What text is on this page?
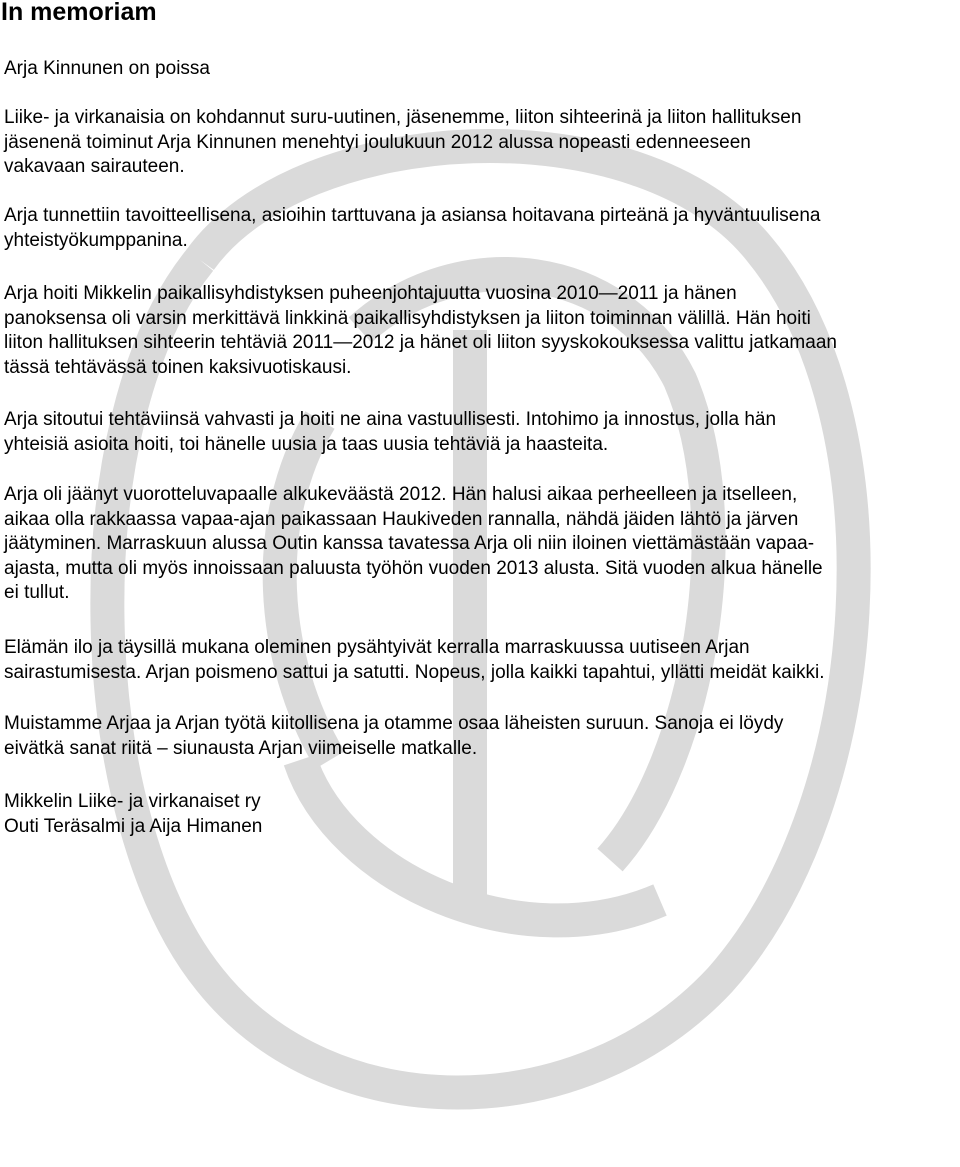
In memoriam

Arja Kinnunen on poissa

Liike- ja virkanaisia on kohdannut suru-uutinen, jäsenemme, liiton sihteerinä ja liiton hallituksen
jäsenenä toiminut Arja Kinnunen menehtyi joulukuun 2012 alussa nopeasti edenneeseen
vakavaan sairauteen.

Arja tunnettiin tavoitteellisena, asioihin tarttuvana ja asiansa hoitavana pirteänä ja hyväntuulisena
yhteistyökumppanina.

Arja hoiti Mikkelin paikallisyhdistyksen puheenjohtajuutta vuosina 2010—2011 ja hänen
panoksensa oli varsin merkittävä linkkinä paikallisyhdistyksen ja liiton toiminnan välillä. Hän hoiti
liiton hallituksen sihteerin tehtäviä 2011—2012 ja hänet oli liiton syyskokouksessa valittu jatkamaan
tässä tehtävässä toinen kaksivuotiskausi.

Arja sitoutui tehtäviinsä vahvasti ja hoiti ne aina vastuullisesti. Intohimo ja innostus, jolla hän
yhteisiä asioita hoiti, toi hänelle uusia ja taas uusia tehtäviä ja haasteita.

Arja oli jäänyt vuorotteluvapaalle alkukeväästä 2012. Hän halusi aikaa perheelleen ja itselleen,
aikaa olla rakkaassa vapaa-ajan paikassaan Haukiveden rannalla, nähdä jäiden lähtö ja järven
jäätyminen. Marraskuun alussa Outin kanssa tavatessa Arja oli niin iloinen viettämästään vapaa-
ajasta, mutta oli myös innoissaan paluusta työhön vuoden 2013 alusta. Sitä vuoden alkua hänelle
ei tullut.

Elämän ilo ja täysillä mukana oleminen pysähtyivät kerralla marraskuussa uutiseen Arjan
sairastumisesta. Arjan poismeno sattui ja satutti. Nopeus, jolla kaikki tapahtui, yllätti meidät kaikki.

Muistamme Arjaa ja Arjan työtä kiitollisena ja otamme osaa läheisten suruun. Sanoja ei löydy
eivätkä sanat riitä – siunausta Arjan viimeiselle matkalle.

Mikkelin Liike- ja virkanaiset ry
Outi Teräsalmi ja Aija Himanen
